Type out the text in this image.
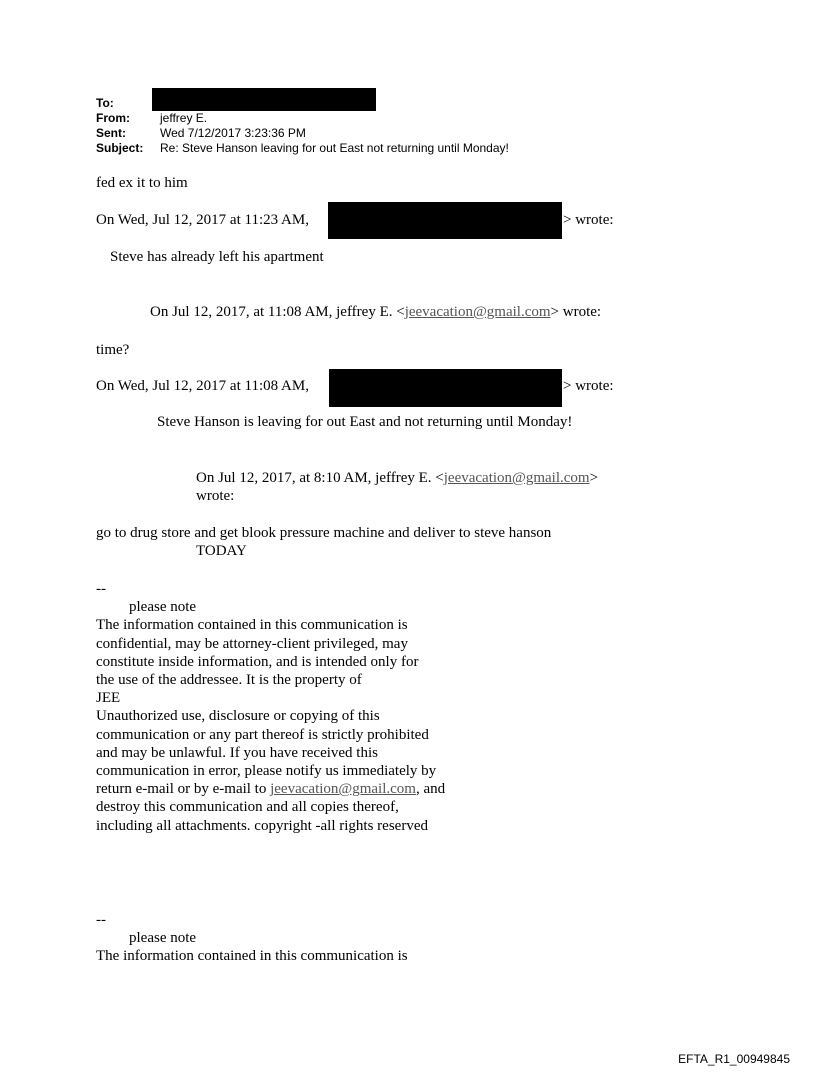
To:
From:	jeffrey E.
Sent:	Wed 7/12/2017 3:23:36 PM
Subject: Re: Steve Hanson leaving for out East not returning until Monday!
fed ex it to him
On Wed, Jul 12, 2017 at 11:23 AM,	> wrote:
Steve has already left his apartment
On Jul 12, 2017, at 11:08 AM, jeffrey E. <jeevacation@gmail.com> wrote:
time?
On Wed, Jul 12, 2017 at 11:08 AM,	> wrote:
Steve Hanson is leaving for out East and not returning until Monday!
On Jul 12, 2017, at 8:10 AM, jeffrey E. <jeevacation@gmail.com>
wrote:
go to drug store and get blook pressure machine and deliver to steve hanson
TODAY
--
please note
The information contained in this communication is
confidential, may be attorney-client privileged, may
constitute inside information, and is intended only for
the use of the addressee. It is the property of
JEE
Unauthorized use, disclosure or copying of this
communication or any part thereof is strictly prohibited
and may be unlawful. If you have received this
communication in error, please notify us immediately by
return e-mail or by e-mail to jeevacation@gmail.com, and
destroy this communication and all copies thereof,
including all attachments. copyright -all rights reserved
--
please note
The information contained in this communication is
EFTA_R1_00949845
